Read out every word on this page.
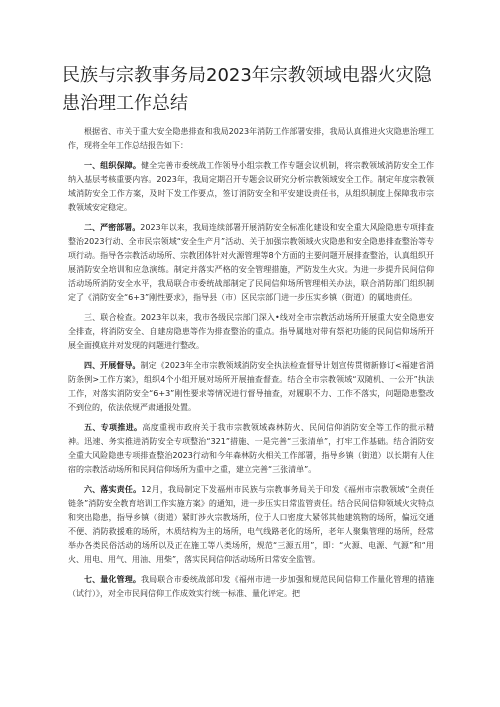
民族与宗教事务局2023年宗教领域电器火灾隐患治理工作总结

根据省、市关于重大安全隐患排查和我局2023年消防工作部署安排，我局认真推进火灾隐患治理工作，现将全年工作总结报告如下：

一、组织保障。健全完善市委统战工作领导小组宗教工作专题会议机制，将宗教领域消防安全工作纳入基层考核重要内容。2023年，我局定期召开专题会议研究分析宗教领域安全工作。制定年度宗教领域消防安全工作方案，及时下发工作要点，签订消防安全和平安建设责任书，从组织制度上保障我市宗教领域安定稳定。

二、严密部署。2023年以来，我局连续部署开展消防安全标准化建设和安全重大风险隐患专项排查整治2023行动、全市民宗领域“安全生产月”活动、关于加强宗教领域火灾隐患和安全隐患排查整治等专项行动。指导各宗教活动场所、宗教团体针对火源管理等8个方面的主要问题开展排查整治，认真组织开展消防安全培训和应急演练。制定并落实严格的安全管理措施，严防发生火灾。为进一步提升民间信仰活动场所消防安全水平，我局联合市委统战部制定了民间信仰场所管理相关办法，联合消防部门组织制定了《消防安全“6+3”刚性要求》，指导县（市）区民宗部门进一步压实乡镇（街道）的属地责任。

三、联合检查。2023年以来，我市各级民宗部门深入•线对全市宗教活动场所开展重大安全隐患安全排查，将消防安全、自建房隐患等作为排查整治的重点。指导属地对带有祭祀功能的民间信仰场所开展全面摸底并对发现的问题进行整改。

四、开展督导。制定《2023年全市宗教领域消防安全执法检查督导计划宣传贯彻新修订<福建省消防条例>工作方案》，组织4个小组开展对场所开展抽查督查。结合全市宗教领域“双随机、一公开”执法工作，对落实消防安全“6+3”刚性要求等情况进行督导抽查，对履职不力、工作不落实，问题隐患整改不到位的，依法依规严肃通报处置。

五、专项推进。高度重视市政府关于我市宗教领域森林防火、民间信仰消防安全等工作的批示精神。迅速、务实推进消防安全专项整治“321”措施、一是完善“三张清单”，打牢工作基础。结合消防安全重大风险隐患专项排查整治2023行动和今年森林防火相关工作部署，指导乡镇（街道）以长期有人住宿的宗教活动场所和民间信仰场所为重中之重，建立完善“三张清单”。

六、落实责任。12月，我局制定下发福州市民族与宗教事务局关于印发《福州市宗教领域“全责任链条”消防安全教育培训工作实施方案》的通知，进一步压实日常监管责任。结合民间信仰领域火灾特点和突出隐患，指导乡镇（街道）紧盯涉火宗教场所，位于人口密度大紧邻其他建筑物的场所，偏远交通不便、消防救援难的场所，木质结构为主的场所，电气线路老化的场所，老年人聚集管理的场所，经常举办各类民俗活动的场所以及正在施工等八类场所，规范“三源五用”，即：“火源、电源、气源”和“用火、用电、用气、用油、用柴”，落实民间信仰活动场所日常安全监管。

七、量化管理。我局联合市委统战部印发《福州市进一步加强和规范民间信仰工作量化管理的措施（试行）》，对全市民间信仰工作成效实行统一标准、量化评定。把
